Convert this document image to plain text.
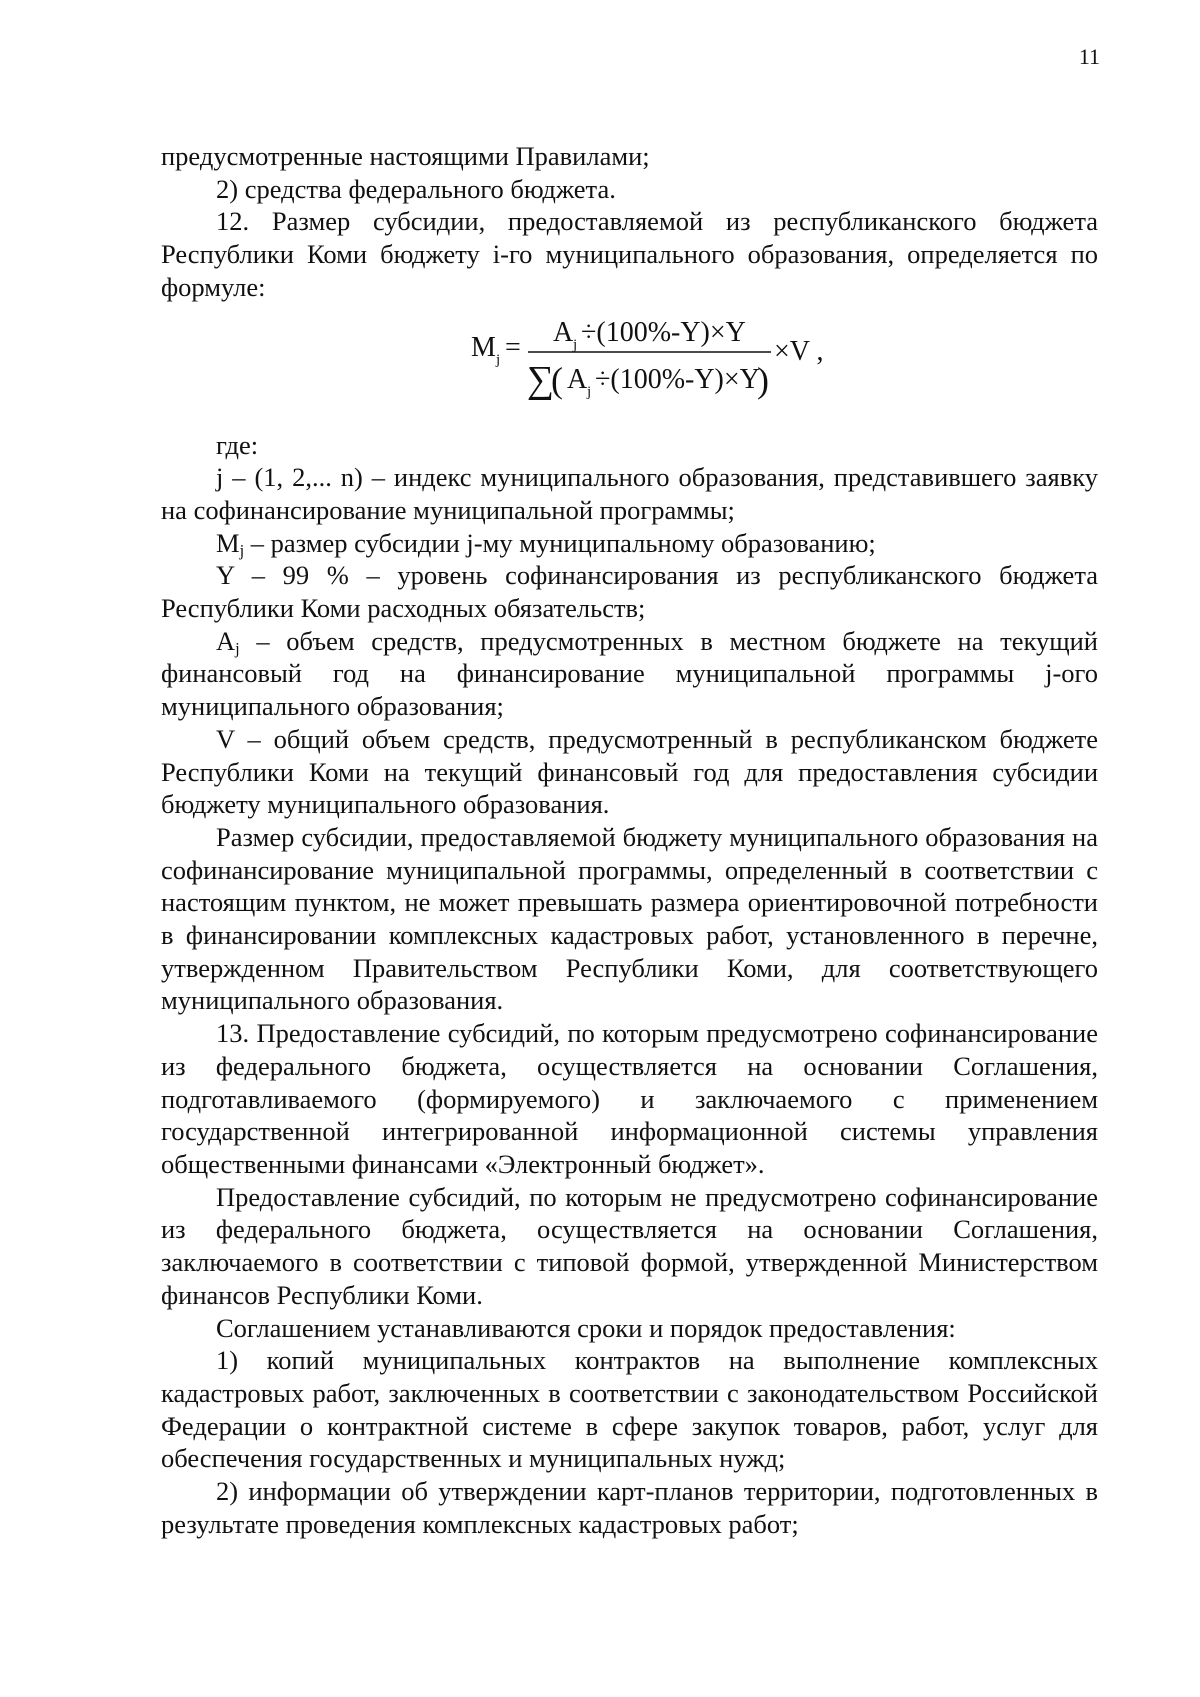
11

предусмотренные настоящими Правилами;

2) средства федерального бюджета.

12. Размер субсидии, предоставляемой из республиканского бюджета Республики Коми бюджету i-го муниципального образования, определяется по формуле:

M j = A j ÷(100%-Y)×Y
∑
( A j ÷(100%-Y)×Y
)
×V ,

где:

j – (1, 2,... n) – индекс муниципального образования, представившего заявку на софинансирование муниципальной программы;

$M_j$ – размер субсидии j-му муниципальному образованию;

Y – 99 % – уровень софинансирования из республиканского бюджета Республики Коми расходных обязательств;

$A_j$ – объем средств, предусмотренных в местном бюджете на текущий финансовый год на финансирование муниципальной программы j-ого муниципального образования;

V – общий объем средств, предусмотренный в республиканском бюджете Республики Коми на текущий финансовый год для предоставления субсидии бюджету муниципального образования.

Размер субсидии, предоставляемой бюджету муниципального образования на софинансирование муниципальной программы, определенный в соответствии с настоящим пунктом, не может превышать размера ориентировочной потребности в финансировании комплексных кадастровых работ, установленного в перечне, утвержденном Правительством Республики Коми, для соответствующего муниципального образования.

13. Предоставление субсидий, по которым предусмотрено софинансирование из федерального бюджета, осуществляется на основании Соглашения, подготавливаемого (формируемого) и заключаемого с применением государственной интегрированной информационной системы управления общественными финансами «Электронный бюджет».

Предоставление субсидий, по которым не предусмотрено софинансирование из федерального бюджета, осуществляется на основании Соглашения, заключаемого в соответствии с типовой формой, утвержденной Министерством финансов Республики Коми.

Соглашением устанавливаются сроки и порядок предоставления:

1) копий муниципальных контрактов на выполнение комплексных кадастровых работ, заключенных в соответствии с законодательством Российской Федерации о контрактной системе в сфере закупок товаров, работ, услуг для обеспечения государственных и муниципальных нужд;

2) информации об утверждении карт-планов территории, подготовленных в результате проведения комплексных кадастровых работ;
